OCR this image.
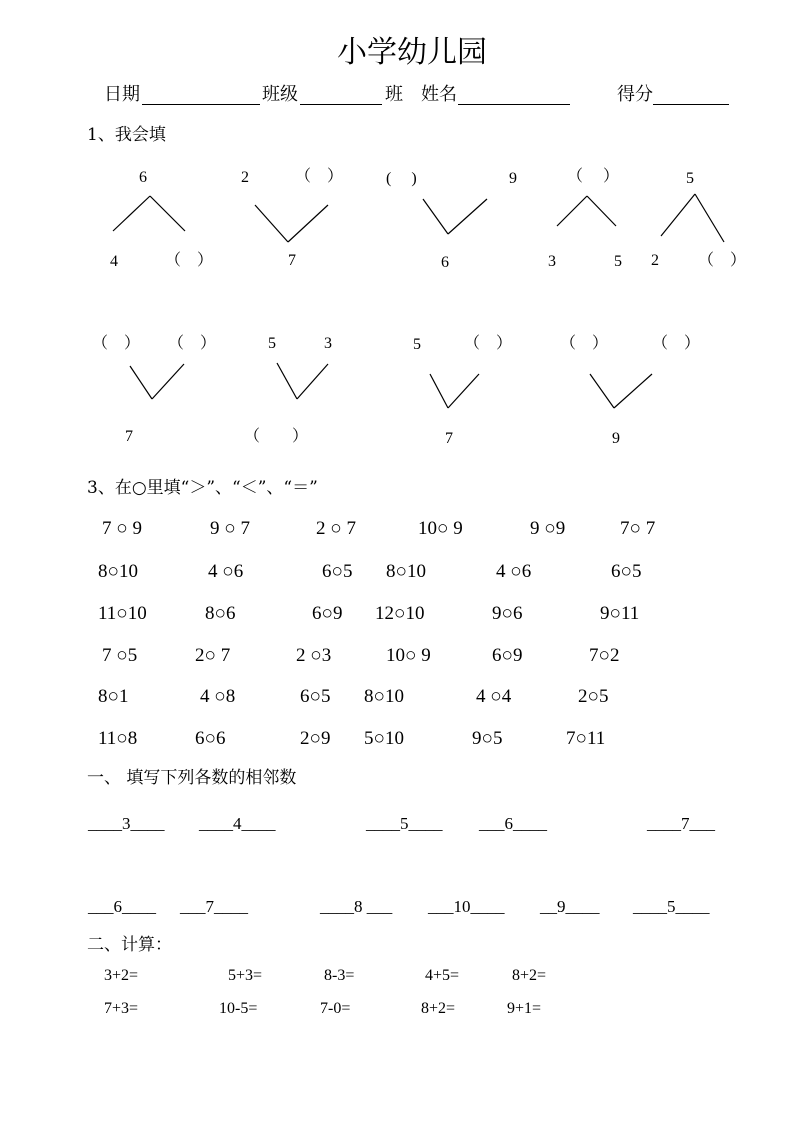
小学幼儿园
日期	班级	班 姓名	得分
1、我会填
6
4	（　）
2	（　）
7
(　 )	9
6
（　 ）
3	5
5
2 （　）
（　） （　）
7
5	3
（　　）
5	（　）
7
（　）	（　）
9
3、在○里填“＞”、“＜”、“＝”
7 ○ 9	9 ○ 7	2 ○ 7	10○ 9	9 ○9	7○ 7
8○10	4 ○6	6○5 8○10	4 ○6	6○5
11○10	8○6	6○9 12○10	9○6	9○11
7 ○5	2○ 7	2 ○3	10○ 9	6○9	7○2
8○1	4 ○8	6○5 8○10	4 ○4	2○5
11○8	6○6	2○9 5○10	9○5	7○11
一、 填写下列各数的相邻数
____3____ ____4____	____5____ ___6____	____7___
___6____ ___7____	____8 ___ ___10____ __9____ ____5____
二、计算：
3+2=	5+3=	8-3=	4+5=	8+2=
7+3=	10-5=	7-0=	8+2=	9+1=
